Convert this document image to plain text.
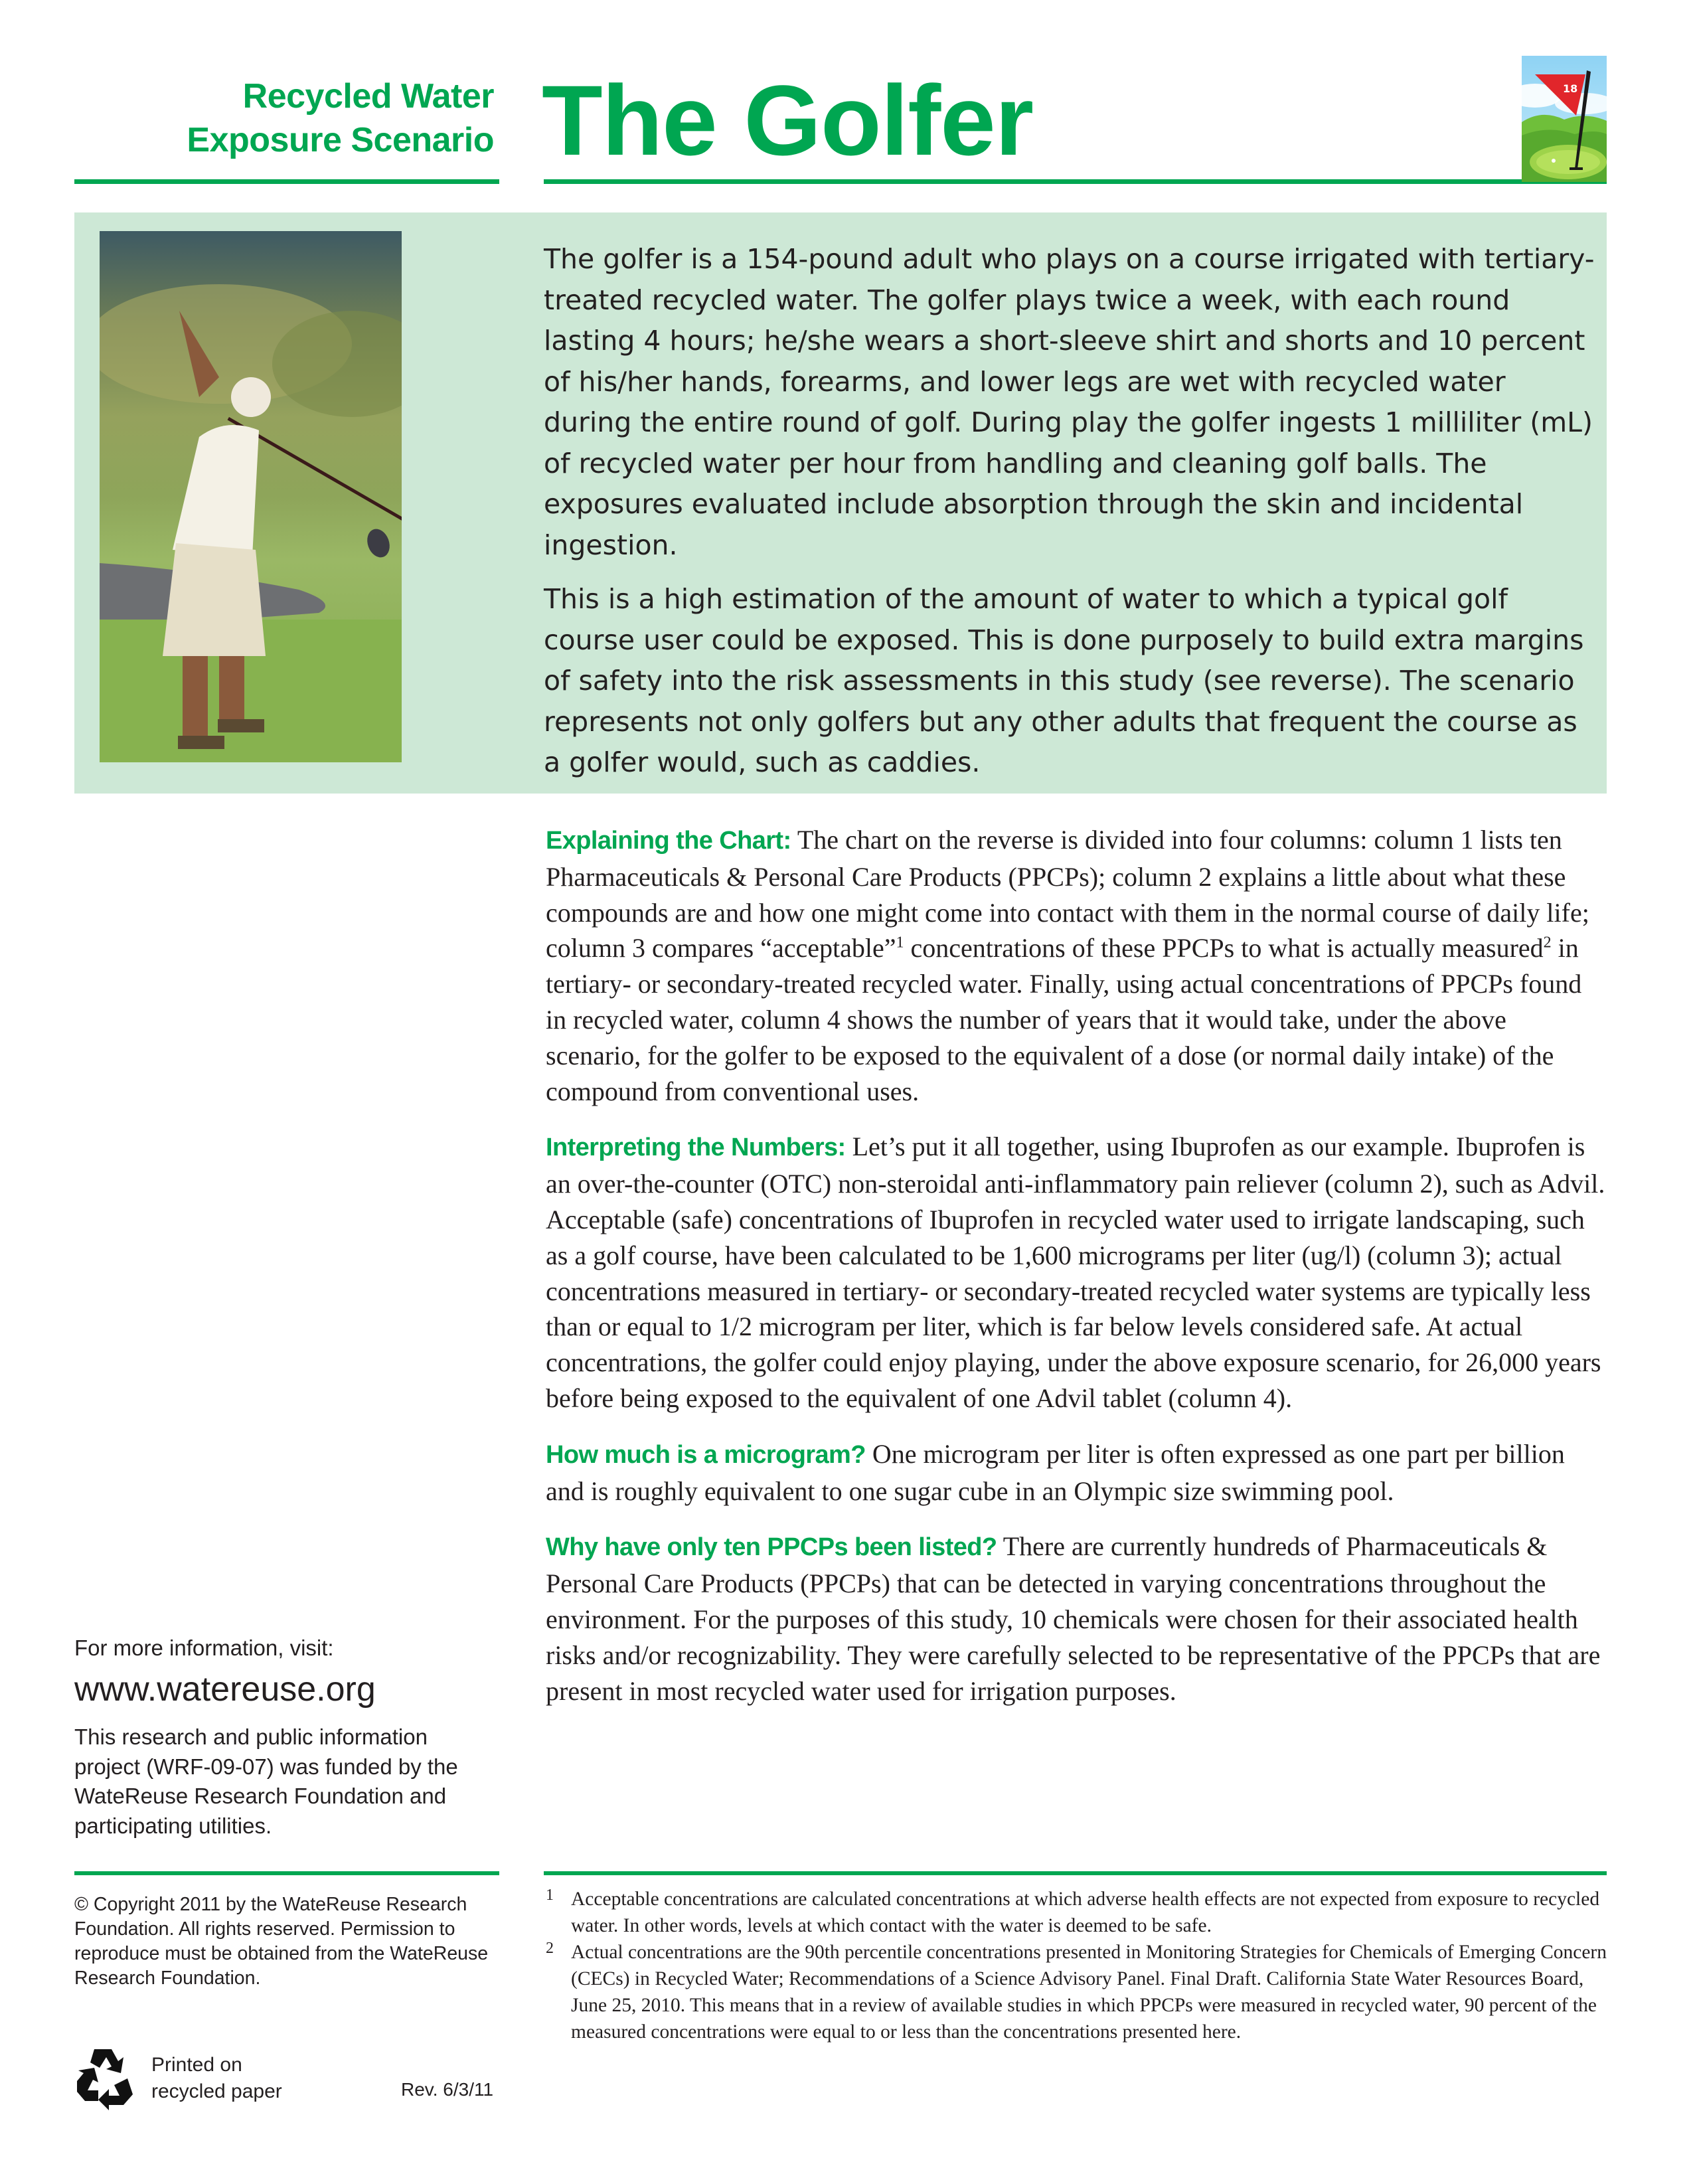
Recycled Water
Exposure Scenario The Golfer	18

The golfer is a 154-pound adult who plays on a course irrigated with tertiary-treated recycled water. The golfer plays twice a week, with each round lasting 4 hours; he/she wears a short-sleeve shirt and shorts and 10 percent of his/her hands, forearms, and lower legs are wet with recycled water during the entire round of golf. During play the golfer ingests 1 milliliter (mL) of recycled water per hour from handling and cleaning golf balls. The exposures evaluated include absorption through the skin and incidental ingestion.

This is a high estimation of the amount of water to which a typical golf course user could be exposed. This is done purposely to build extra margins of safety into the risk assessments in this study (see reverse). The scenario represents not only golfers but any other adults that frequent the course as a golfer would, such as caddies.

Explaining the Chart: The chart on the reverse is divided into four columns: column 1 lists ten Pharmaceuticals & Personal Care Products (PPCPs); column 2 explains a little about what these compounds are and how one might come into contact with them in the normal course of daily life; column 3 compares “acceptable”$^1$ concentrations of these PPCPs to what is actually measured$^2$ in tertiary- or secondary-treated recycled water. Finally, using actual concentrations of PPCPs found in recycled water, column 4 shows the number of years that it would take, under the above scenario, for the golfer to be exposed to the equivalent of a dose (or normal daily intake) of the compound from conventional uses.

Interpreting the Numbers: Let’s put it all together, using Ibuprofen as our example. Ibuprofen is an over-the-counter (OTC) non-steroidal anti-inflammatory pain reliever (column 2), such as Advil. Acceptable (safe) concentrations of Ibuprofen in recycled water used to irrigate landscaping, such as a golf course, have been calculated to be 1,600 micrograms per liter (ug/l) (column 3); actual concentrations measured in tertiary- or secondary-treated recycled water systems are typically less than or equal to 1/2 microgram per liter, which is far below levels considered safe. At actual concentrations, the golfer could enjoy playing, under the above exposure scenario, for 26,000 years before being exposed to the equivalent of one Advil tablet (column 4).

How much is a microgram? One microgram per liter is often expressed as one part per billion and is roughly equivalent to one sugar cube in an Olympic size swimming pool.

Why have only ten PPCPs been listed? There are currently hundreds of Pharmaceuticals & Personal Care Products (PPCPs) that can be detected in varying concentrations throughout the environment. For the purposes of this study, 10 chemicals were chosen for their associated health risks and/or recognizability. They were carefully selected to be representative of the PPCPs that are present in most recycled water used for irrigation purposes.

1 Acceptable concentrations are calculated concentrations at which adverse health effects are not expected from exposure to recycled water. In other words, levels at which contact with the water is deemed to be safe.
2 Actual concentrations are the 90th percentile concentrations presented in Monitoring Strategies for Chemicals of Emerging Concern (CECs) in Recycled Water; Recommendations of a Science Advisory Panel. Final Draft. California State Water Resources Board, June 25, 2010. This means that in a review of available studies in which PPCPs were measured in recycled water, 90 percent of the measured concentrations were equal to or less than the concentrations presented here.
For more information, visit:
www.watereuse.org
This research and public information project (WRF-09-07) was funded by the WateReuse Research Foundation and participating utilities.
© Copyright 2011 by the WateReuse Research Foundation. All rights reserved. Permission to reproduce must be obtained from the WateReuse Research Foundation.
Printed on
recycled paper	Rev. 6/3/11
